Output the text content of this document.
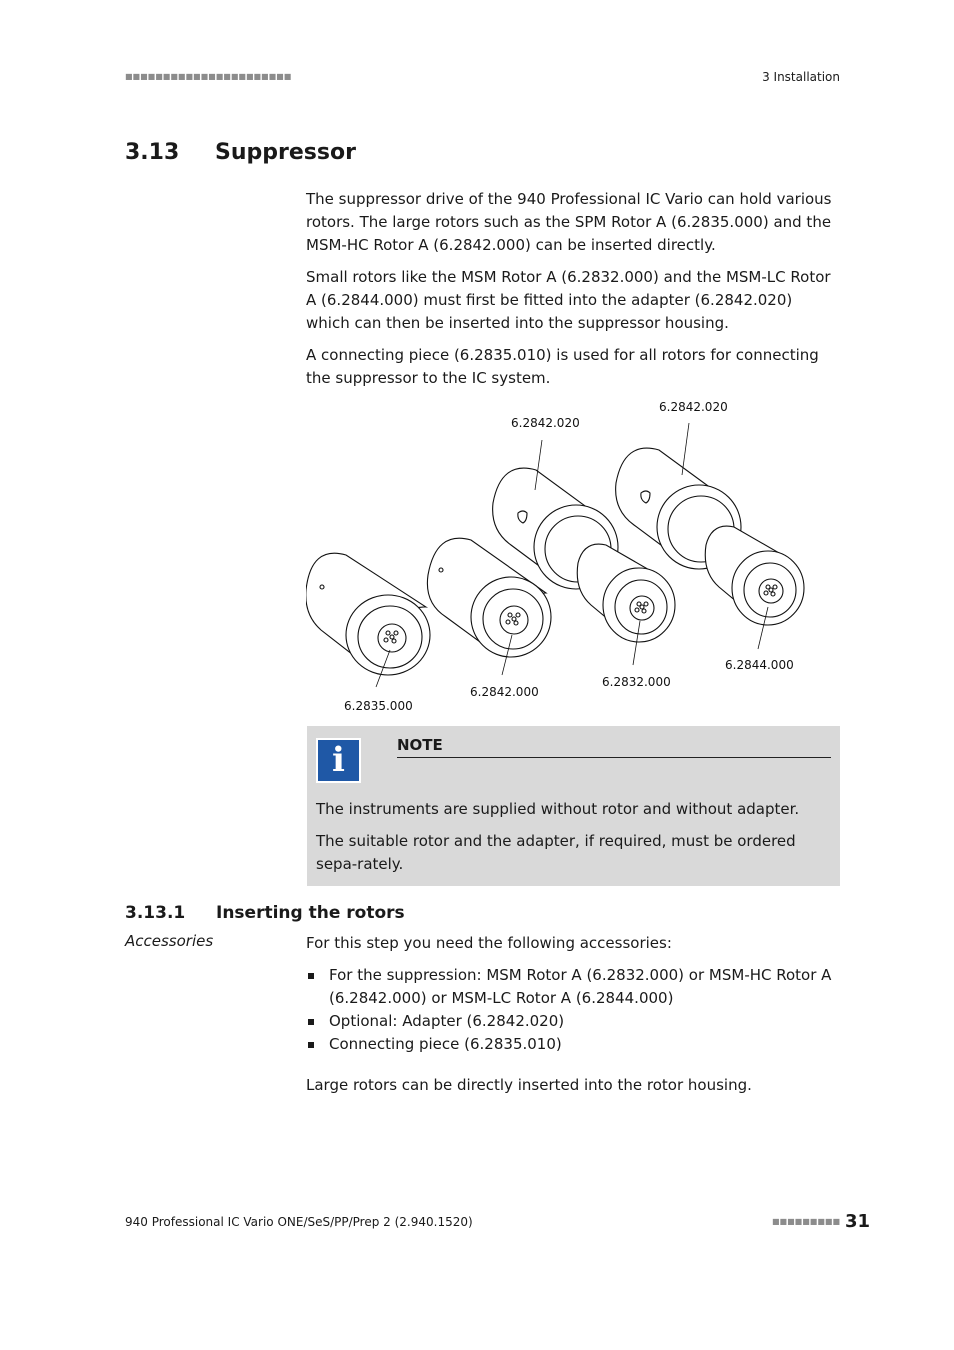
■■■■■■■■■■■■■■■■■■■■■■	3 Installation
3.13 Suppressor

The suppressor drive of the 940 Professional IC Vario can hold various rotors. The large rotors such as the SPM Rotor A (6.2835.000) and the MSM-HC Rotor A (6.2842.000) can be inserted directly.

Small rotors like the MSM Rotor A (6.2832.000) and the MSM-LC Rotor A (6.2844.000) must first be fitted into the adapter (6.2842.020) which can then be inserted into the suppressor housing.

A connecting piece (6.2835.010) is used for all rotors for connecting the suppressor to the IC system.

6.2842.020
6.2842.020
6.2835.000
6.2842.000
6.2832.000
6.2844.000
i	NOTE
The instruments are supplied without rotor and without adapter.
The suitable rotor and the adapter, if required, must be ordered sepa-rately.
3.13.1 Inserting the rotors
Accessories	For this step you need the following accessories:

For the suppression: MSM Rotor A (6.2832.000) or MSM-HC Rotor A (6.2842.000) or MSM-LC Rotor A (6.2844.000)
Optional: Adapter (6.2842.020)
Connecting piece (6.2835.010)

Large rotors can be directly inserted into the rotor housing.

940 Professional IC Vario ONE/SeS/PP/Prep 2 (2.940.1520)	■■■■■■■■■ 31
